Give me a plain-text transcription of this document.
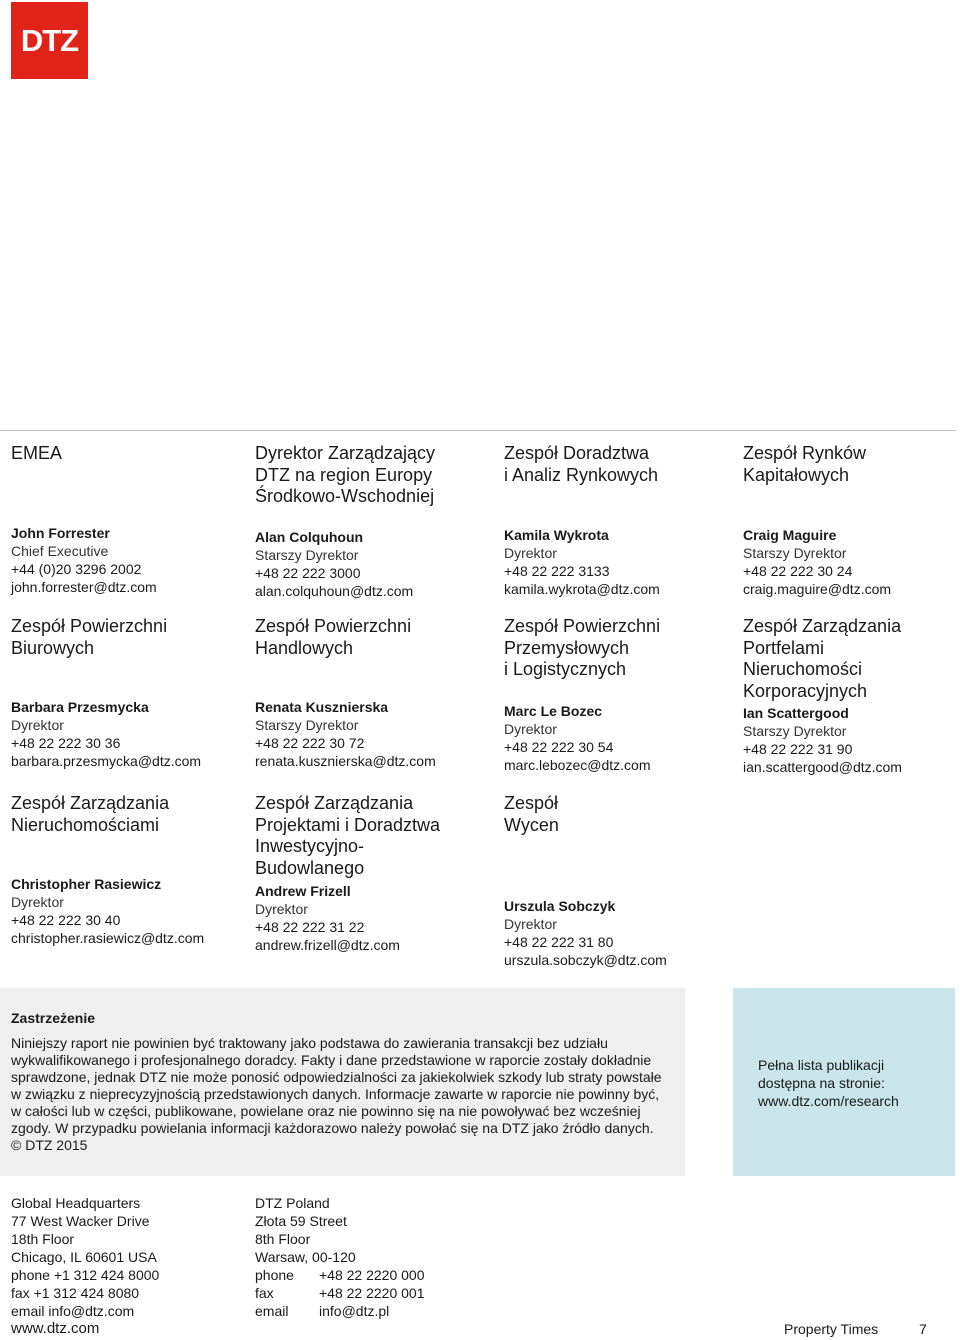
DTZ
EMEA
John Forrester
Chief Executive
+44 (0)20 3296 2002
john.forrester@dtz.com
Dyrektor Zarządzający
DTZ na region Europy
Środkowo-Wschodniej
Alan Colquhoun
Starszy Dyrektor
+48 22 222 3000
alan.colquhoun@dtz.com
Zespół Doradztwa
i Analiz Rynkowych
Kamila Wykrota
Dyrektor
+48 22 222 3133
kamila.wykrota@dtz.com
Zespół Rynków
Kapitałowych
Craig Maguire
Starszy Dyrektor
+48 22 222 30 24
craig.maguire@dtz.com
Zespół Powierzchni
Biurowych
Barbara Przesmycka
Dyrektor
+48 22 222 30 36
barbara.przesmycka@dtz.com
Zespół Powierzchni
Handlowych
Renata Kusznierska
Starszy Dyrektor
+48 22 222 30 72
renata.kusznierska@dtz.com
Zespół Powierzchni
Przemysłowych
i Logistycznych
Marc Le Bozec
Dyrektor
+48 22 222 30 54
marc.lebozec@dtz.com
Zespół Zarządzania
Portfelami
Nieruchomości
Korporacyjnych
Ian Scattergood
Starszy Dyrektor
+48 22 222 31 90
ian.scattergood@dtz.com
Zespół Zarządzania
Nieruchomościami
Christopher Rasiewicz
Dyrektor
+48 22 222 30 40
christopher.rasiewicz@dtz.com
Zespół Zarządzania
Projektami i Doradztwa
Inwestycyjno-
Budowlanego
Andrew Frizell
Dyrektor
+48 22 222 31 22
andrew.frizell@dtz.com
Zespół
Wycen
Urszula Sobczyk
Dyrektor
+48 22 222 31 80
urszula.sobczyk@dtz.com
Zastrzeżenie
Niniejszy raport nie powinien być traktowany jako podstawa do zawierania transakcji bez udziału
wykwalifikowanego i profesjonalnego doradcy. Fakty i dane przedstawione w raporcie zostały dokładnie
sprawdzone, jednak DTZ nie może ponosić odpowiedzialności za jakiekolwiek szkody lub straty powstałe
w związku z nieprecyzyjnością przedstawionych danych. Informacje zawarte w raporcie nie powinny być,
w całości lub w części, publikowane, powielane oraz nie powinno się na nie powoływać bez wcześniej
zgody. W przypadku powielania informacji każdorazowo należy powołać się na DTZ jako źródło danych.
© DTZ 2015
Pełna lista publikacji
dostępna na stronie:
www.dtz.com/research
Global Headquarters
77 West Wacker Drive
18th Floor
Chicago, IL 60601 USA
phone +1 312 424 8000
fax +1 312 424 8080
email info@dtz.com
DTZ Poland
Złota 59 Street
8th Floor
Warsaw, 00-120
phone +48 22 2220 000
fax	+48 22 2220 001
email info@dtz.pl
www.dtz.com	Property Times	7
